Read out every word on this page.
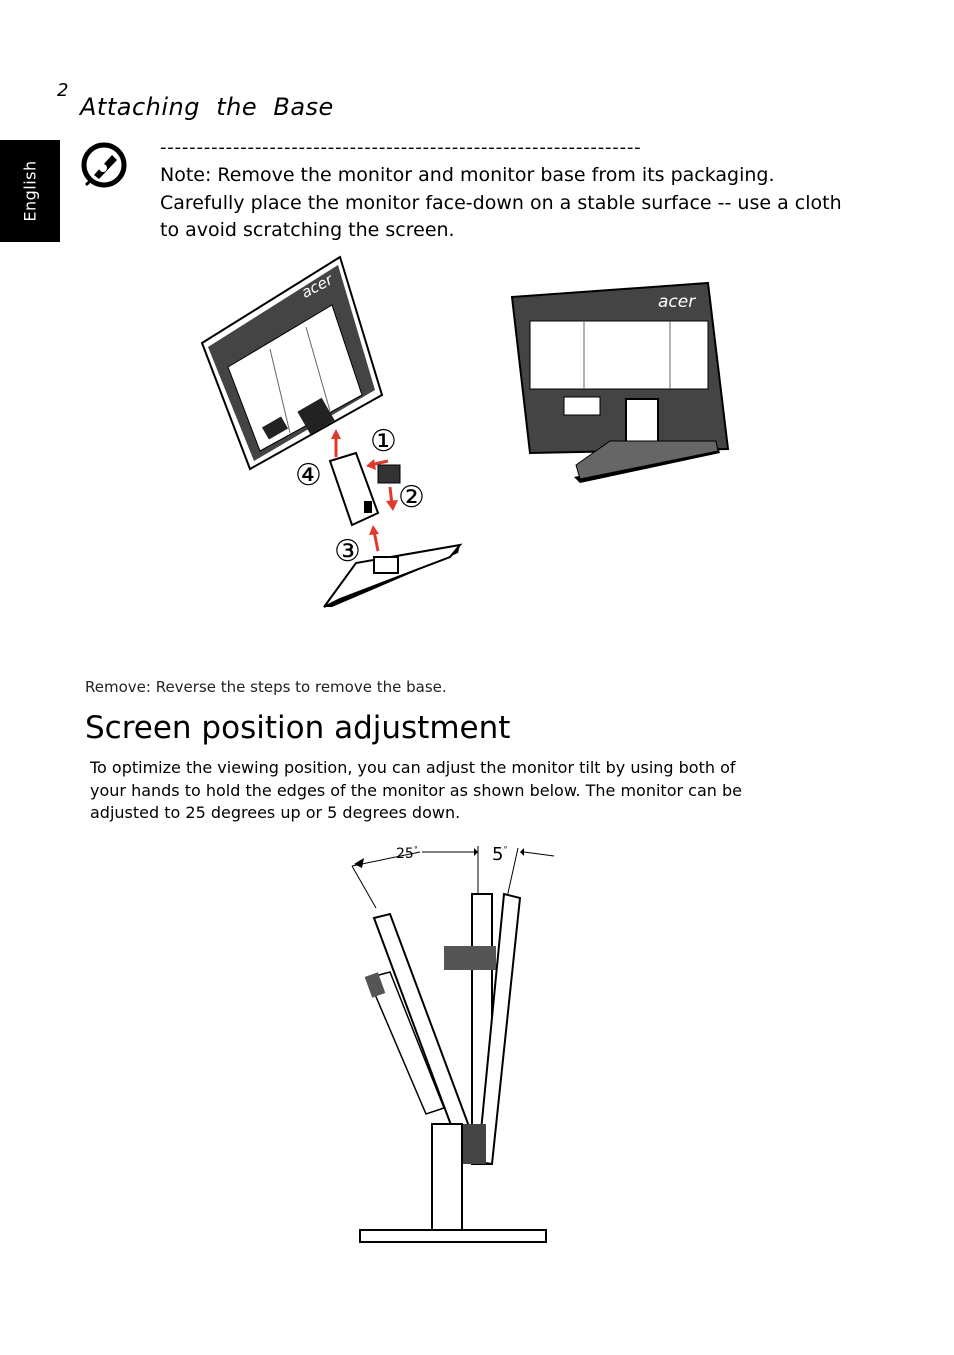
2
Attaching  the  Base
English
------------------------------------------------------------------
Note: Remove the monitor and monitor base from its packaging. Carefully place the monitor face-down on a stable surface -- use a cloth to avoid scratching the screen.
acer
①
②
③
④
acer
Remove: Reverse the steps to remove the base.
Screen position adjustment
To optimize the viewing position, you can adjust the monitor tilt by using both of your hands to hold the edges of the monitor as shown below. The monitor can be adjusted to 25 degrees up or 5 degrees down.
25°	5°
